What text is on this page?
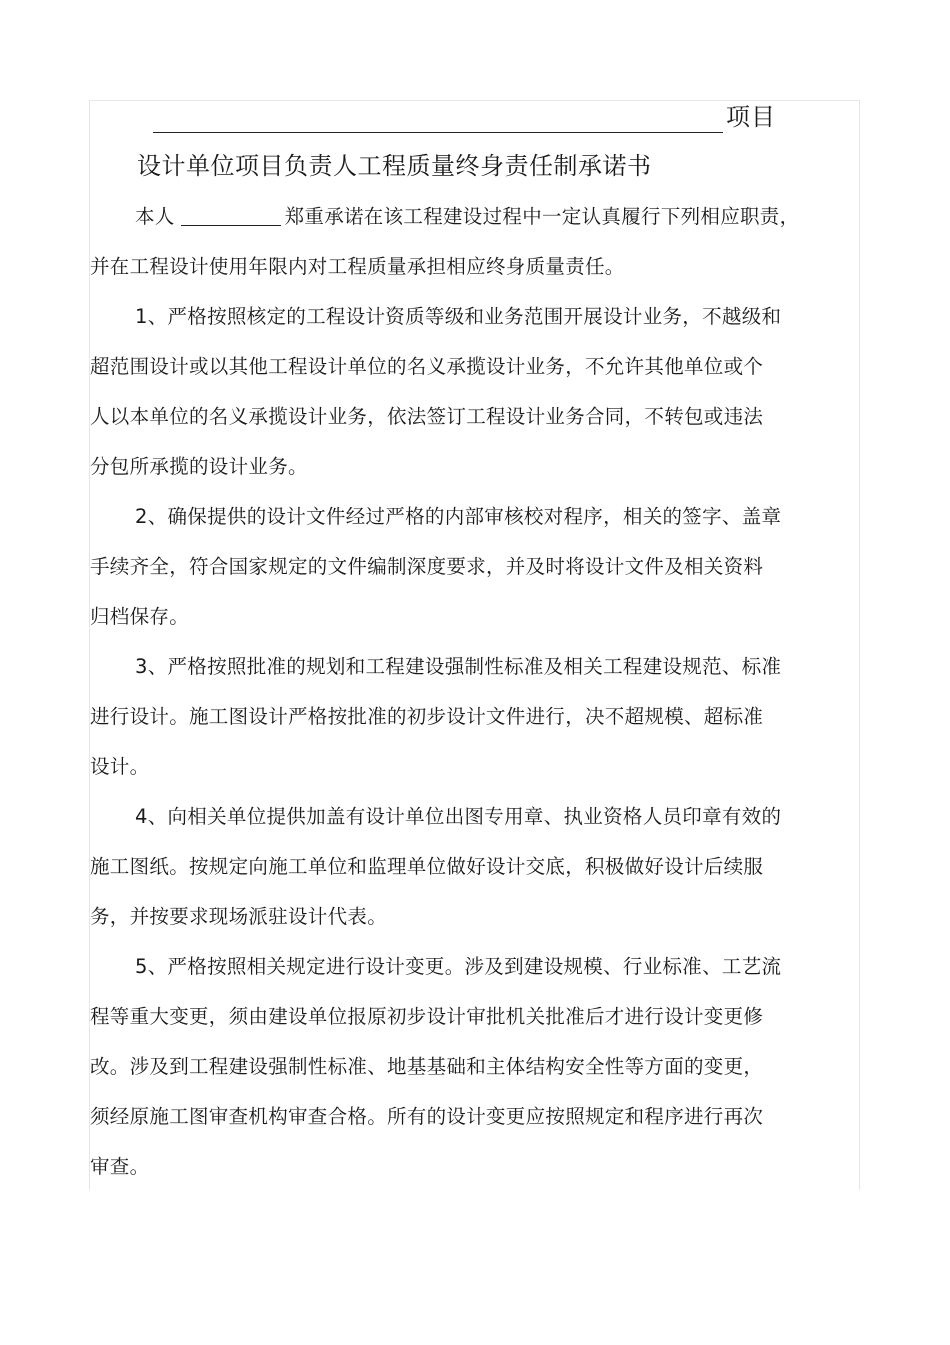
项目
设计单位项目负责人工程质量终身责任制承诺书
本人	郑重承诺在该工程建设过程中一定认真履行下列相应职责，
并在工程设计使用年限内对工程质量承担相应终身质量责任。
1、严格按照核定的工程设计资质等级和业务范围开展设计业务，不越级和
超范围设计或以其他工程设计单位的名义承揽设计业务，不允许其他单位或个
人以本单位的名义承揽设计业务，依法签订工程设计业务合同，不转包或违法
分包所承揽的设计业务。
2、确保提供的设计文件经过严格的内部审核校对程序，相关的签字、盖章
手续齐全，符合国家规定的文件编制深度要求，并及时将设计文件及相关资料
归档保存。
3、严格按照批准的规划和工程建设强制性标准及相关工程建设规范、标准
进行设计。施工图设计严格按批准的初步设计文件进行，决不超规模、超标准
设计。
4、向相关单位提供加盖有设计单位出图专用章、执业资格人员印章有效的
施工图纸。按规定向施工单位和监理单位做好设计交底，积极做好设计后续服
务，并按要求现场派驻设计代表。
5、严格按照相关规定进行设计变更。涉及到建设规模、行业标准、工艺流
程等重大变更，须由建设单位报原初步设计审批机关批准后才进行设计变更修
改。涉及到工程建设强制性标准、地基基础和主体结构安全性等方面的变更，
须经原施工图审查机构审查合格。所有的设计变更应按照规定和程序进行再次
审查。
